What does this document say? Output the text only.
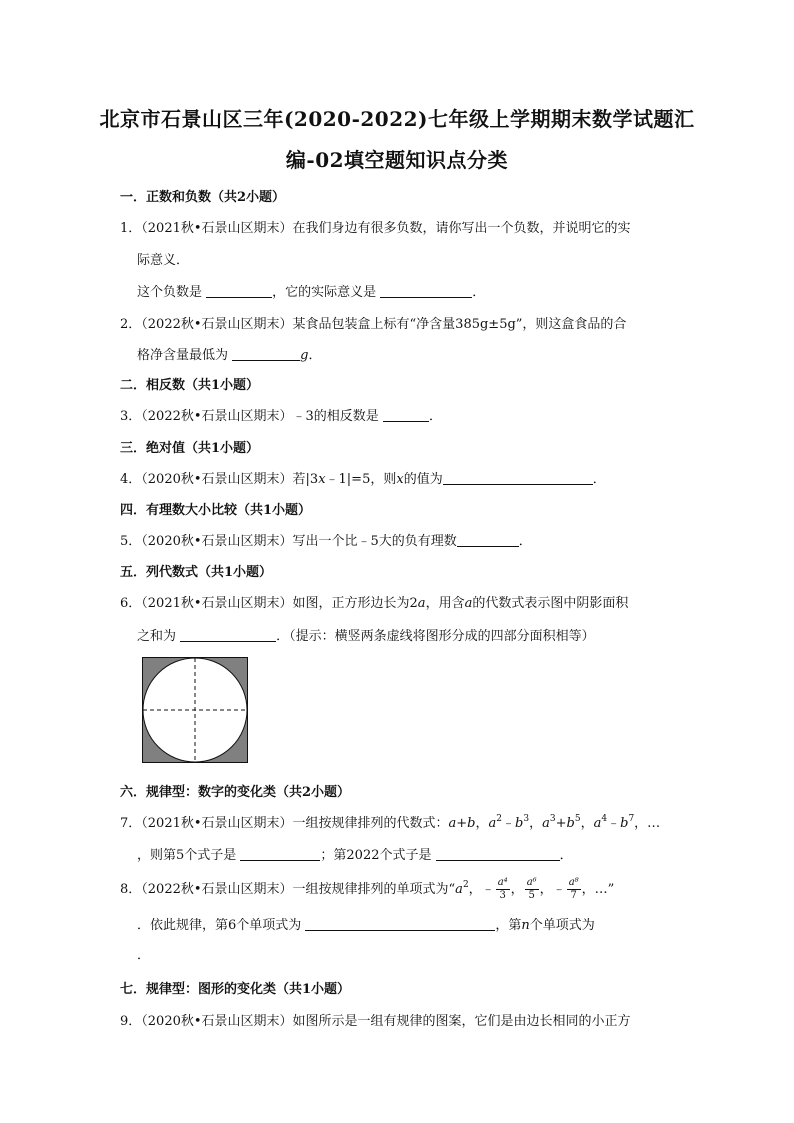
北京市石景山区三年(2020-2022)七年级上学期期末数学试题汇
编-02填空题知识点分类
一．正数和负数（共2小题）
1．（2021秋•石景山区期末）在我们身边有很多负数，请你写出一个负数，并说明它的实
际意义．
这个负数是	，它的实际意义是	．
2．（2022秋•石景山区期末）某食品包装盒上标有“净含量385g±5g”，则这盒食品的合
格净含量最低为	g．
二．相反数（共1小题）
3．（2022秋•石景山区期末）﹣3的相反数是	．
三．绝对值（共1小题）
4．（2020秋•石景山区期末）若|3x﹣1|=5，则x的值为	．
四．有理数大小比较（共1小题）
5．（2020秋•石景山区期末）写出一个比﹣5大的负有理数	．
五．列代数式（共1小题）
6．（2021秋•石景山区期末）如图，正方形边长为2a，用含a的代数式表示图中阴影面积
之和为	．（提示：横竖两条虚线将图形分成的四部分面积相等）
六．规律型：数字的变化类（共2小题）
7．（2021秋•石景山区期末）一组按规律排列的代数式：a+b，$a^2﹣b^3$，$a^3+b^5$，$a^4﹣b^7$，…
，则第5个式子是	；第2022个式子是	．
8．（2022秋•石景山区期末）一组按规律排列的单项式为“$a^2$，﹣ $\frac{\text{a⁴}}{3}$ ， $\frac{\text{a⁶}}{5}$ ，﹣ $\frac{\text{a⁸}}{7}$ ，…”
．依此规律，第6个单项式为	，第n个单项式为
．
七．规律型：图形的变化类（共1小题）
9．（2020秋•石景山区期末）如图所示是一组有规律的图案，它们是由边长相同的小正方
